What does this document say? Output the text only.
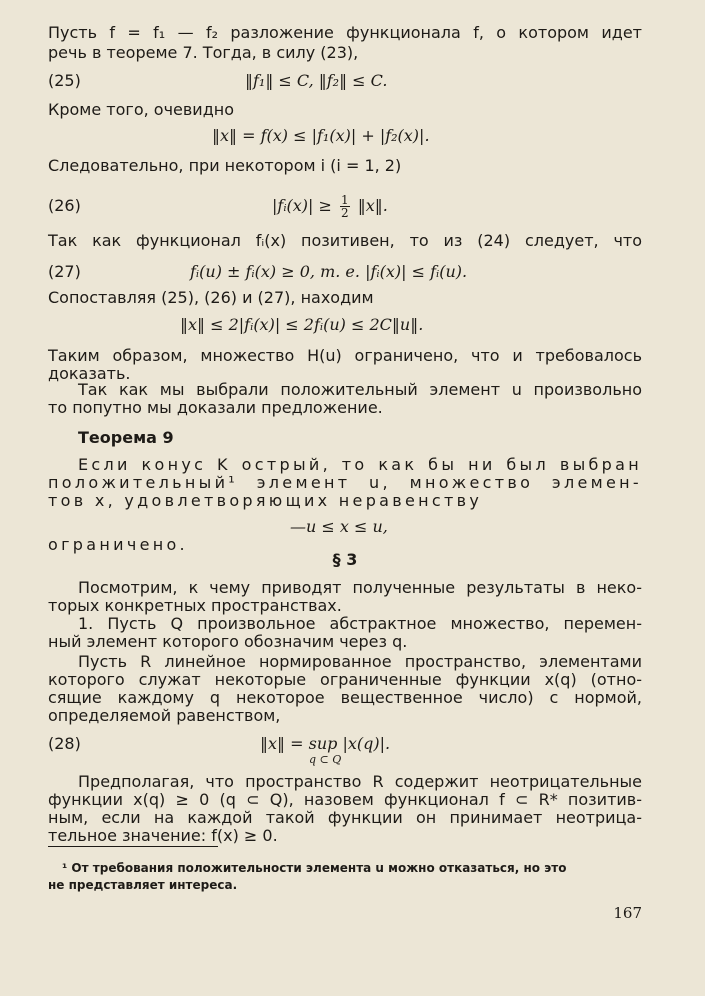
Пусть f = f₁ — f₂ разложение функционала f, о котором идет
речь в теореме 7. Тогда, в силу (23),
(25)	‖f₁‖ ≤ C, ‖f₂‖ ≤ C.
Кроме того, очевидно
‖x‖ = f(x) ≤ |f₁(x)| + |f₂(x)|.
Следовательно, при некотором i (i = 1, 2)
(26)	|fᵢ(x)| ≥ $\frac{1}{2}$ ‖x‖.
Так как функционал fᵢ(x) позитивен, то из (24) следует, что
(27)	fᵢ(u) ± fᵢ(x) ≥ 0, т. е. |fᵢ(x)| ≤ fᵢ(u).
Сопоставляя (25), (26) и (27), находим
‖x‖ ≤ 2|fᵢ(x)| ≤ 2fᵢ(u) ≤ 2C‖u‖.
Таким образом, множество H(u) ограничено, что и требовалось
доказать.
Так как мы выбрали положительный элемент u произвольно
то попутно мы доказали предложение.
Теорема 9
Если конус K острый, то как бы ни был выбран
положительный¹ элемент u, множество элемен-
тов x, удовлетворяющих неравенству
—u ≤ x ≤ u,
ограничено.
§ 3
Посмотрим, к чему приводят полученные результаты в неко-
торых конкретных пространствах.
1. Пусть Q произвольное абстрактное множество, перемен-
ный элемент которого обозначим через q.
Пусть R линейное нормированное пространство, элементами
которого служат некоторые ограниченные функции x(q) (отно-
сящие каждому q некоторое вещественное число) с нормой,
определяемой равенством,
(28)	‖x‖ = sup |x(q)|.
q ⊂ Q
Предполагая, что пространство R содержит неотрицательные
функции x(q) ≥ 0 (q ⊂ Q), назовем функционал f ⊂ R* позитив-
ным, если на каждой такой функции он принимает неотрица-
тельное значение: f(x) ≥ 0.
¹ От требования положительности элемента u можно отказаться, но это
не представляет интереса.
167
